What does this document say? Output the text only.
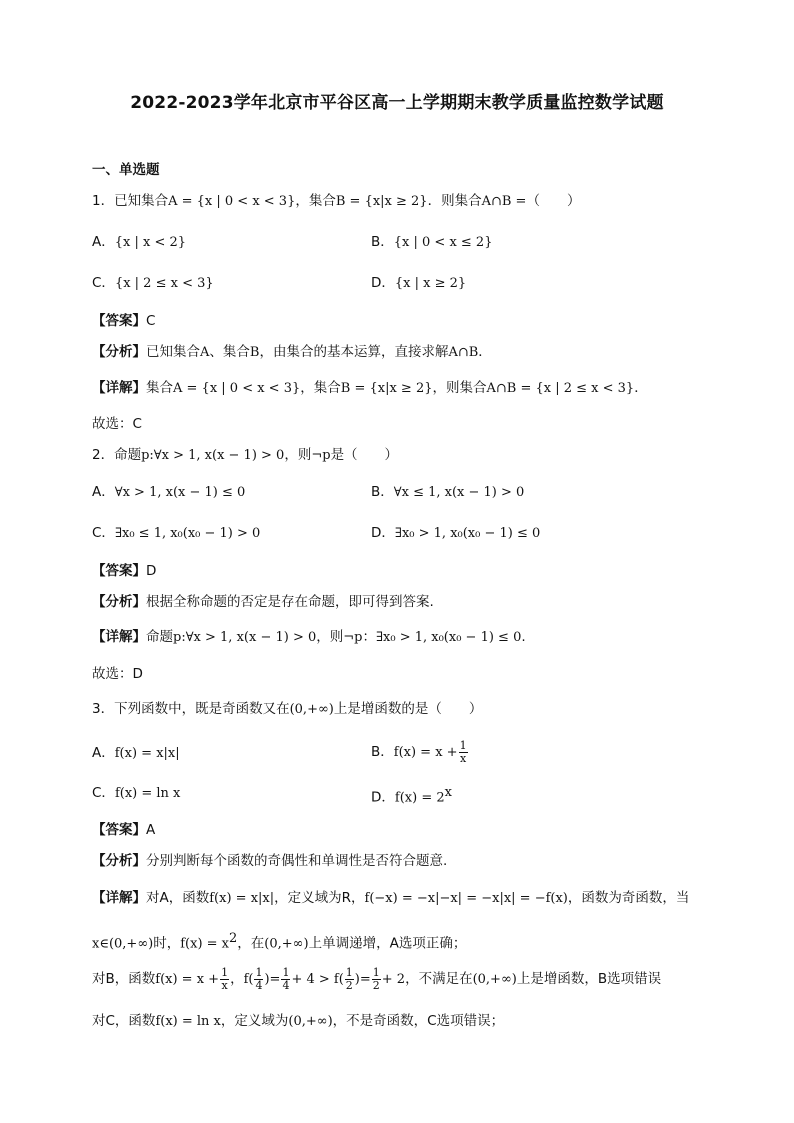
2022-2023学年北京市平谷区高一上学期期末教学质量监控数学试题
一、单选题
1．已知集合A = {x | 0 < x < 3}，集合B = {x|x ≥ 2}．则集合A∩B =（　　）
A．{x | x < 2}	B．{x | 0 < x ≤ 2}
C．{x | 2 ≤ x < 3}	D．{x | x ≥ 2}
【答案】C
【分析】已知集合A、集合B，由集合的基本运算，直接求解A∩B．
【详解】集合A = {x | 0 < x < 3}，集合B = {x|x ≥ 2}，则集合A∩B = {x | 2 ≤ x < 3}．
故选：C
2．命题p:∀x > 1, x(x − 1) > 0，则¬p是（　　）
A．∀x > 1, x(x − 1) ≤ 0	B．∀x ≤ 1, x(x − 1) > 0
C．∃x₀ ≤ 1, x₀(x₀ − 1) > 0	D．∃x₀ > 1, x₀(x₀ − 1) ≤ 0
【答案】D
【分析】根据全称命题的否定是存在命题，即可得到答案.
【详解】命题p:∀x > 1, x(x − 1) > 0，则¬p：∃x₀ > 1, x₀(x₀ − 1) ≤ 0.
故选：D
3．下列函数中，既是奇函数又在(0,+∞)上是增函数的是（　　）
A．f(x) = x|x|	B．$f(x) = x + \frac{1}{x}$
C．f(x) = ln x	D．$f(x) = 2^x$
【答案】A
【分析】分别判断每个函数的奇偶性和单调性是否符合题意.
【详解】对A，函数f(x) = x|x|，定义域为R，f(−x) = −x|−x| = −x|x| = −f(x)，函数为奇函数，当
x∈(0,+∞)时，$f(x) = x^2$，在(0,+∞)上单调递增，A选项正确；
对B，函数$f(x) = x + \frac{1}{x}$ ，$f( \frac{1}{4}$ )= $\frac{1}{4} + 4 > f( \frac{1}{2}$ )= $\frac{1}{2} + 2$，不满足在(0,+∞)上是增函数，B选项错误
对C，函数f(x) = ln x，定义域为(0,+∞)，不是奇函数，C选项错误；
